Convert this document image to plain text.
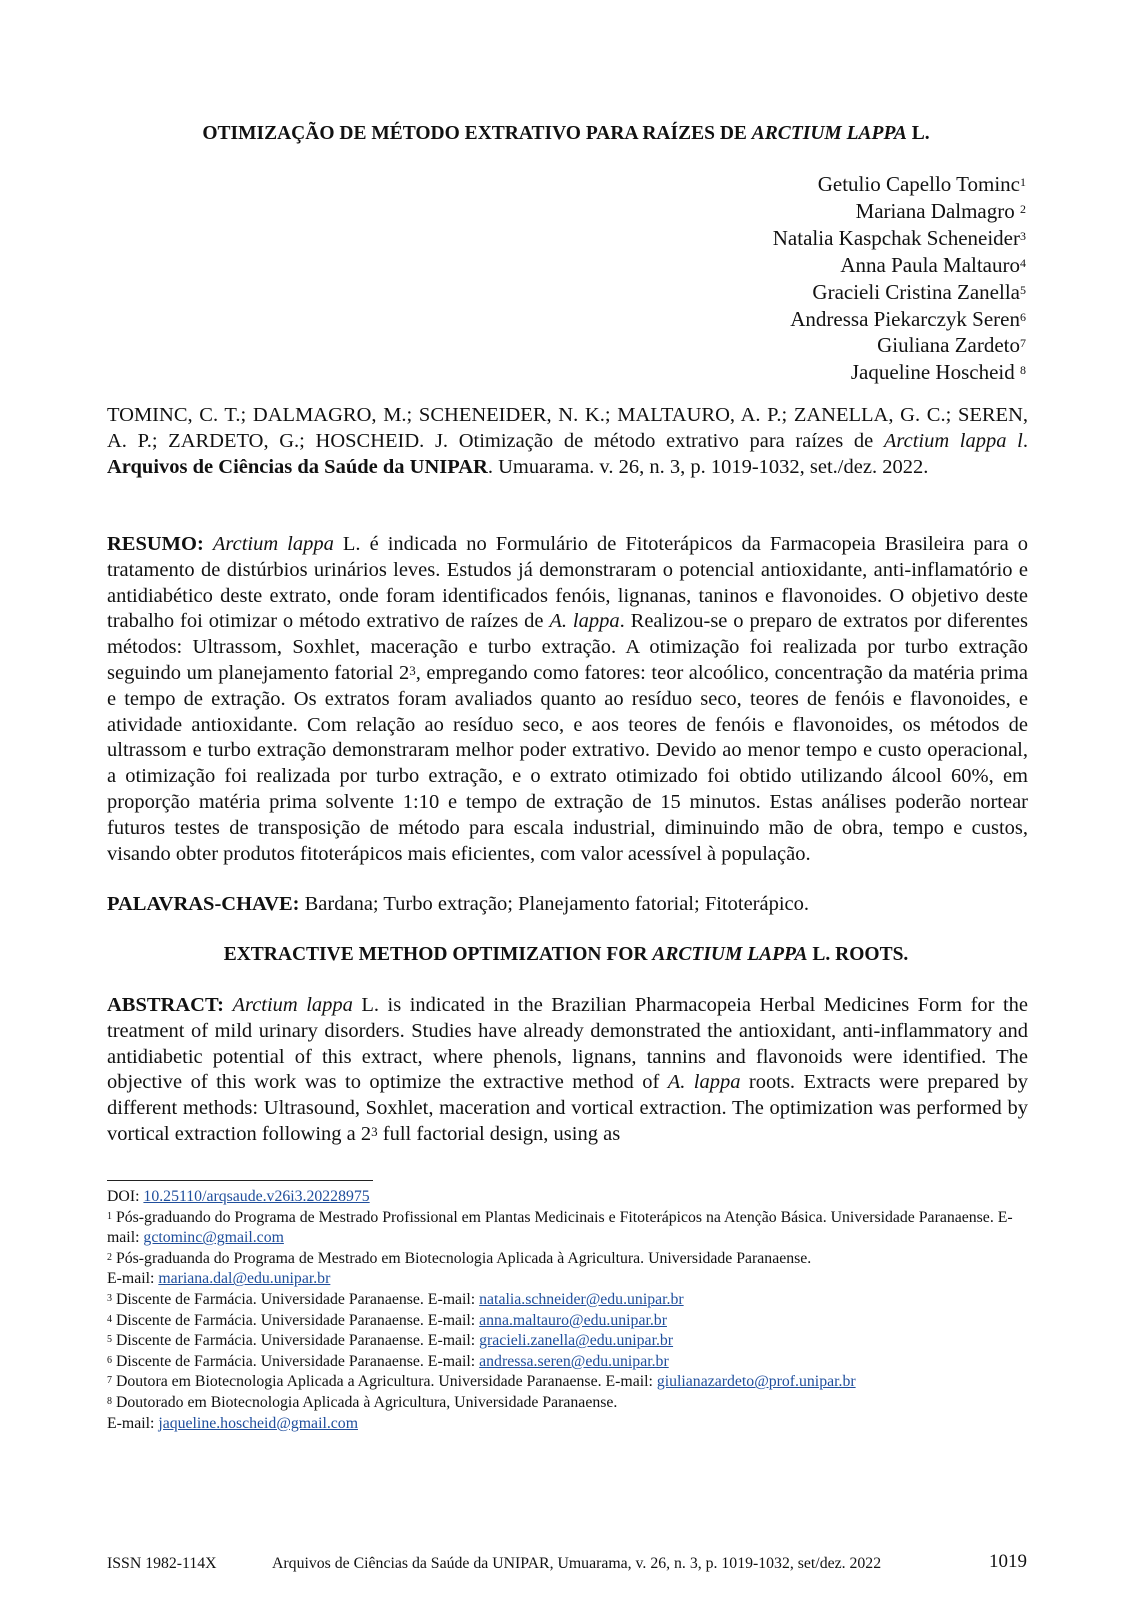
OTIMIZAÇÃO DE MÉTODO EXTRATIVO PARA RAÍZES DE ARCTIUM LAPPA L.
Getulio Capello Tominc$^1$
Mariana Dalmagro $^2$
Natalia Kaspchak Scheneider$^3$
Anna Paula Maltauro$^4$
Gracieli Cristina Zanella$^5$
Andressa Piekarczyk Seren$^6$
Giuliana Zardeto$^7$
Jaqueline Hoscheid $^8$
TOMINC, C. T.; DALMAGRO, M.; SCHENEIDER, N. K.; MALTAURO, A. P.; ZANELLA, G. C.; SEREN, A. P.; ZARDETO, G.; HOSCHEID. J. Otimização de método extrativo para raízes de Arctium lappa l. Arquivos de Ciências da Saúde da UNIPAR. Umuarama. v. 26, n. 3, p. 1019-1032, set./dez. 2022.
RESUMO: Arctium lappa L. é indicada no Formulário de Fitoterápicos da Farmacopeia Brasileira para o tratamento de distúrbios urinários leves. Estudos já demonstraram o potencial antioxidante, anti-inflamatório e antidiabético deste extrato, onde foram identificados fenóis, lignanas, taninos e flavonoides. O objetivo deste trabalho foi otimizar o método extrativo de raízes de A. lappa. Realizou-se o preparo de extratos por diferentes métodos: Ultrassom, Soxhlet, maceração e turbo extração. A otimização foi realizada por turbo extração seguindo um planejamento fatorial $2^3$, empregando como fatores: teor alcoólico, concentração da matéria prima e tempo de extração. Os extratos foram avaliados quanto ao resíduo seco, teores de fenóis e flavonoides, e atividade antioxidante. Com relação ao resíduo seco, e aos teores de fenóis e flavonoides, os métodos de ultrassom e turbo extração demonstraram melhor poder extrativo. Devido ao menor tempo e custo operacional, a otimização foi realizada por turbo extração, e o extrato otimizado foi obtido utilizando álcool 60%, em proporção matéria prima solvente 1:10 e tempo de extração de 15 minutos. Estas análises poderão nortear futuros testes de transposição de método para escala industrial, diminuindo mão de obra, tempo e custos, visando obter produtos fitoterápicos mais eficientes, com valor acessível à população.
PALAVRAS-CHAVE: Bardana; Turbo extração; Planejamento fatorial; Fitoterápico.
EXTRACTIVE METHOD OPTIMIZATION FOR ARCTIUM LAPPA L. ROOTS.
ABSTRACT: Arctium lappa L. is indicated in the Brazilian Pharmacopeia Herbal Medicines Form for the treatment of mild urinary disorders. Studies have already demonstrated the antioxidant, anti-inflammatory and antidiabetic potential of this extract, where phenols, lignans, tannins and flavonoids were identified. The objective of this work was to optimize the extractive method of A. lappa roots. Extracts were prepared by different methods: Ultrasound, Soxhlet, maceration and vortical extraction. The optimization was performed by vortical extraction following a $2^3$ full factorial design, using as
DOI: 10.25110/arqsaude.v26i3.20228975
$^1$ Pós-graduando do Programa de Mestrado Profissional em Plantas Medicinais e Fitoterápicos na Atenção Básica. Universidade Paranaense. E-mail: gctominc@gmail.com
$^2$ Pós-graduanda do Programa de Mestrado em Biotecnologia Aplicada à Agricultura. Universidade Paranaense.
E-mail: mariana.dal@edu.unipar.br
$^3$ Discente de Farmácia. Universidade Paranaense. E-mail: natalia.schneider@edu.unipar.br
$^4$ Discente de Farmácia. Universidade Paranaense. E-mail: anna.maltauro@edu.unipar.br
$^5$ Discente de Farmácia. Universidade Paranaense. E-mail: gracieli.zanella@edu.unipar.br
$^6$ Discente de Farmácia. Universidade Paranaense. E-mail: andressa.seren@edu.unipar.br
$^7$ Doutora em Biotecnologia Aplicada a Agricultura. Universidade Paranaense. E-mail: giulianazardeto@prof.unipar.br
$^8$ Doutorado em Biotecnologia Aplicada à Agricultura, Universidade Paranaense.
E-mail: jaqueline.hoscheid@gmail.com
ISSN 1982-114X	Arquivos de Ciências da Saúde da UNIPAR, Umuarama, v. 26, n. 3, p. 1019-1032, set/dez. 2022	1019
